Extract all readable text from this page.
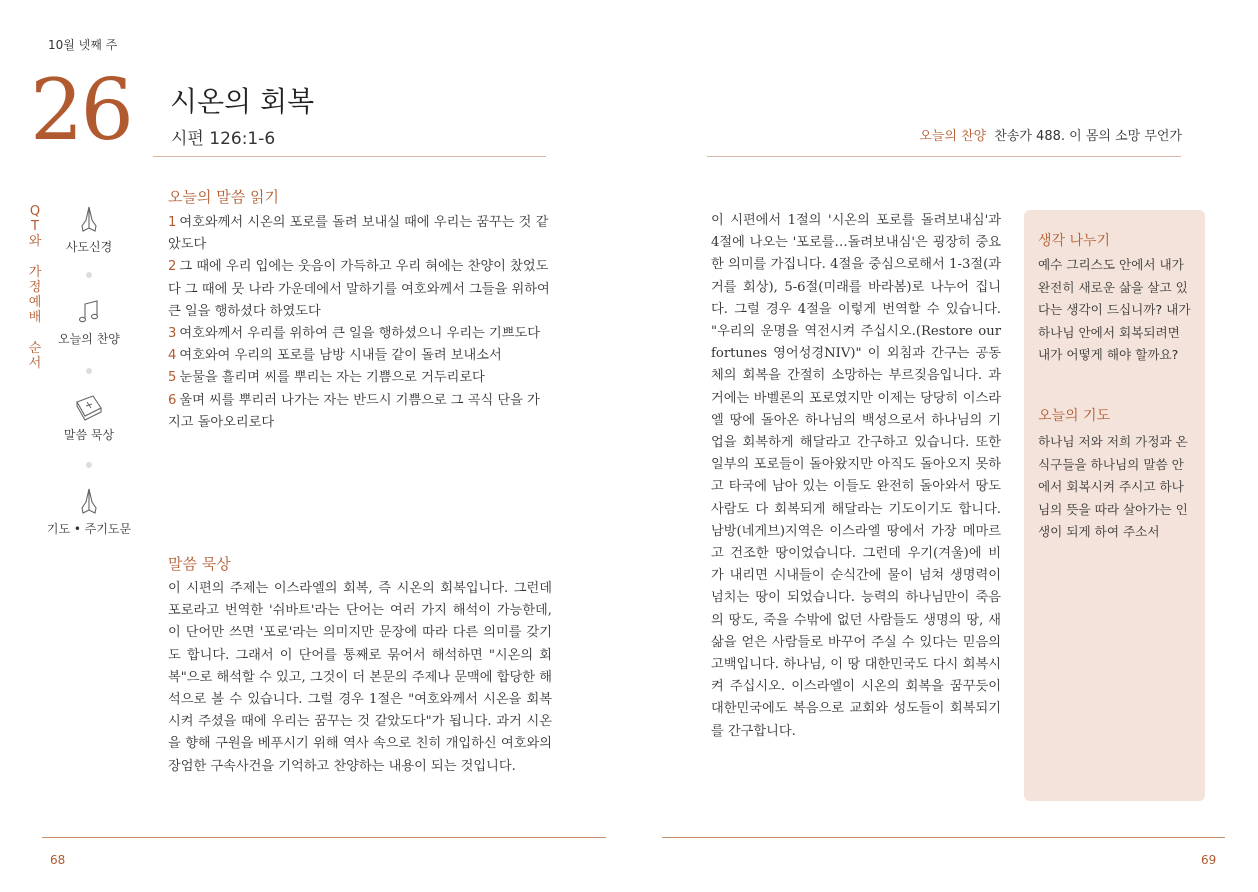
10월 넷째 주
26 시온의 회복
시편 126:1-6	오늘의 찬양 찬송가 488. 이 몸의 소망 무언가
Q
T
와
가
정
예
배
순
서
사도신경
오늘의 찬양
말씀 묵상
기도 • 주기도문
오늘의 말씀 읽기
1 여호와께서 시온의 포로를 돌려 보내실 때에 우리는 꿈꾸는 것 같았도다
2 그 때에 우리 입에는 웃음이 가득하고 우리 혀에는 찬양이 찼었도다 그 때에 뭇 나라 가운데에서 말하기를 여호와께서 그들을 위하여 큰 일을 행하셨다 하였도다
3 여호와께서 우리를 위하여 큰 일을 행하셨으니 우리는 기쁘도다
4 여호와여 우리의 포로를 남방 시내들 같이 돌려 보내소서
5 눈물을 흘리며 씨를 뿌리는 자는 기쁨으로 거두리로다
6 울며 씨를 뿌리러 나가는 자는 반드시 기쁨으로 그 곡식 단을 가지고 돌아오리로다
말씀 묵상
이 시편의 주제는 이스라엘의 회복, 즉 시온의 회복입니다. 그런데 포로라고 번역한 '쉬바트'라는 단어는 여러 가지 해석이 가능한데, 이 단어만 쓰면 '포로'라는 의미지만 문장에 따라 다른 의미를 갖기도 합니다. 그래서 이 단어를 통째로 묶어서 해석하면 "시온의 회복"으로 해석할 수 있고, 그것이 더 본문의 주제나 문맥에 합당한 해석으로 볼 수 있습니다. 그럴 경우 1절은 "여호와께서 시온을 회복시켜 주셨을 때에 우리는 꿈꾸는 것 같았도다"가 됩니다. 과거 시온을 향해 구원을 베푸시기 위해 역사 속으로 친히 개입하신 여호와의 장엄한 구속사건을 기억하고 찬양하는 내용이 되는 것입니다.
이 시편에서 1절의 '시온의 포로를 돌려보내심'과 4절에 나오는 '포로를…돌려보내심'은 굉장히 중요한 의미를 가집니다. 4절을 중심으로해서 1-3절(과거를 회상), 5-6절(미래를 바라봄)로 나누어 집니다. 그럴 경우 4절을 이렇게 번역할 수 있습니다. "우리의 운명을 역전시켜 주십시오.(Restore our fortunes 영어성경NIV)" 이 외침과 간구는 공동체의 회복을 간절히 소망하는 부르짖음입니다. 과거에는 바벨론의 포로였지만 이제는 당당히 이스라엘 땅에 돌아온 하나님의 백성으로서 하나님의 기업을 회복하게 해달라고 간구하고 있습니다. 또한 일부의 포로들이 돌아왔지만 아직도 돌아오지 못하고 타국에 남아 있는 이들도 완전히 돌아와서 땅도 사람도 다 회복되게 해달라는 기도이기도 합니다. 남방(네게브)지역은 이스라엘 땅에서 가장 메마르고 건조한 땅이었습니다. 그런데 우기(겨울)에 비가 내리면 시내들이 순식간에 물이 넘쳐 생명력이 넘치는 땅이 되었습니다. 능력의 하나님만이 죽음의 땅도, 죽을 수밖에 없던 사람들도 생명의 땅, 새 삶을 얻은 사람들로 바꾸어 주실 수 있다는 믿음의 고백입니다. 하나님, 이 땅 대한민국도 다시 회복시켜 주십시오. 이스라엘이 시온의 회복을 꿈꾸듯이 대한민국에도 복음으로 교회와 성도들이 회복되기를 간구합니다.
생각 나누기
예수 그리스도 안에서 내가 완전히 새로운 삶을 살고 있다는 생각이 드십니까? 내가 하나님 안에서 회복되려면 내가 어떻게 해야 할까요?
오늘의 기도
하나님 저와 저희 가정과 온 식구들을 하나님의 말씀 안에서 회복시켜 주시고 하나님의 뜻을 따라 살아가는 인생이 되게 하여 주소서
68	69
